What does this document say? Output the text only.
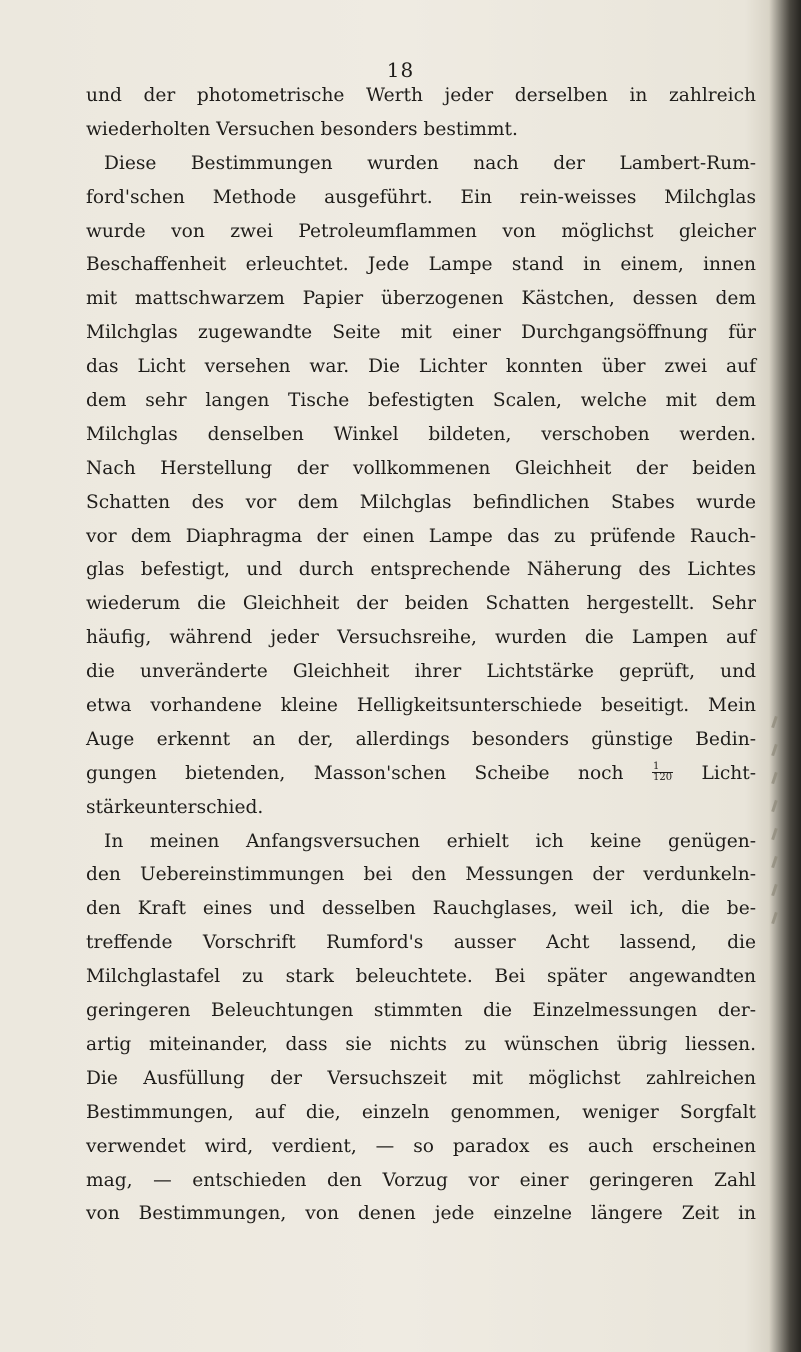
18
und der photometrische Werth jeder derselben in zahlreich
wiederholten Versuchen besonders bestimmt.
Diese Bestimmungen wurden nach der Lambert-Rum-
ford'schen Methode ausgeführt. Ein rein-weisses Milchglas
wurde von zwei Petroleumflammen von möglichst gleicher
Beschaffenheit erleuchtet. Jede Lampe stand in einem, innen
mit mattschwarzem Papier überzogenen Kästchen, dessen dem
Milchglas zugewandte Seite mit einer Durchgangsöffnung für
das Licht versehen war. Die Lichter konnten über zwei auf
dem sehr langen Tische befestigten Scalen, welche mit dem
Milchglas denselben Winkel bildeten, verschoben werden.
Nach Herstellung der vollkommenen Gleichheit der beiden
Schatten des vor dem Milchglas befindlichen Stabes wurde
vor dem Diaphragma der einen Lampe das zu prüfende Rauch-
glas befestigt, und durch entsprechende Näherung des Lichtes
wiederum die Gleichheit der beiden Schatten hergestellt. Sehr
häufig, während jeder Versuchsreihe, wurden die Lampen auf
die unveränderte Gleichheit ihrer Lichtstärke geprüft, und
etwa vorhandene kleine Helligkeitsunterschiede beseitigt. Mein
Auge erkennt an der, allerdings besonders günstige Bedin-
gungen bietenden, Masson'schen Scheibe noch	$\frac{1}{120}$ Licht-
stärkeunterschied.
In meinen Anfangsversuchen erhielt ich keine genügen-
den Uebereinstimmungen bei den Messungen der verdunkeln-
den Kraft eines und desselben Rauchglases, weil ich, die be-
treffende Vorschrift Rumford's ausser Acht lassend, die
Milchglastafel zu stark beleuchtete. Bei später angewandten
geringeren Beleuchtungen stimmten die Einzelmessungen der-
artig miteinander, dass sie nichts zu wünschen übrig liessen.
Die Ausfüllung der Versuchszeit mit möglichst zahlreichen
Bestimmungen, auf die, einzeln genommen, weniger Sorgfalt
verwendet wird, verdient, — so paradox es auch erscheinen
mag, — entschieden den Vorzug vor einer geringeren Zahl
von Bestimmungen, von denen jede einzelne längere Zeit in
